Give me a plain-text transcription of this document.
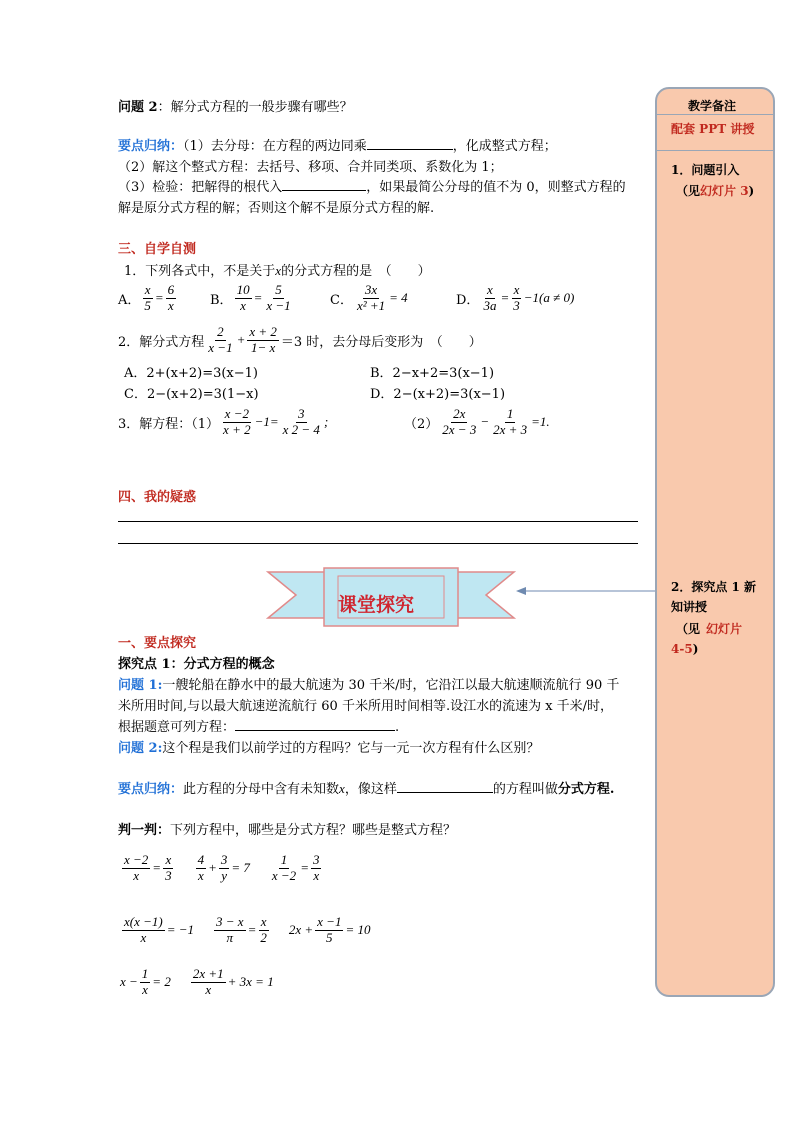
问题 2：解分式方程的一般步骤有哪些？
要点归纳：（1）去分母：在方程的两边同乘	，化成整式方程；
（2）解这个整式方程：去括号、移项、合并同类项、系数化为 1；
（3）检验：把解得的根代入	，如果最简公分母的值不为 0，则整式方程的
解是原分式方程的解；否则这个解不是原分式方程的解.
三、自学自测
1．下列各式中，不是关于x的分式方程的是　（　　）
A． $\frac{x}{5} = \frac{6}{x}$	B． $\frac{10}{x} = \frac{5}{x -1}$	C． $\frac{3x}{\text{x² +1}} = 4$	D． $\frac{x}{3a} = \frac{x}{3} -1(a \ne 0)$
2．解分式方程 $\frac{2}{x -1} + \frac{x + 2}{1- x} =3$ 时，去分母后变形为　（　　）
A．2+(x+2)=3(x−1)	B．2−x+2=3(x−1)
C．2−(x+2)=3(1−x)	D．2−(x+2)=3(x−1)
3．解方程：$(1) \frac{x -2}{x + 2} -1= \frac{3}{x 2 - 4}$ ;	$(2) \frac{2x}{2x - 3} - \frac{1}{2x + 3} =1$.
四、我的疑惑
课堂探究
一、要点探究
探究点 1：分式方程的概念
问题 1:一艘轮船在静水中的最大航速为 30 千米/时，它沿江以最大航速顺流航行 90 千
米所用时间,与以最大航速逆流航行 60 千米所用时间相等.设江水的流速为 x 千米/时，
根据题意可列方程：	.
问题 2:这个程是我们以前学过的方程吗？它与一元一次方程有什么区别？
要点归纳：此方程的分母中含有未知数x，像这样	的方程叫做分式方程.
判一判：下列方程中，哪些是分式方程？哪些是整式方程？
$\frac{x -2}{x} = \frac{x}{3} \frac{4}{x} + \frac{3}{y} = 7 \frac{1}{x -2} = \frac{3}{x}$
$\frac{x(x -1)}{x} = -1 \frac{3 - x}{\pi} = \frac{x}{2} 2x + \frac{x -1}{5} = 10$
$x - \frac{1}{x} = 2 \frac{2x +1}{x} + 3x = 1$
教学备注
配套 PPT 讲授
1．问题引入
（见幻灯片 3)
2．探究点 1 新
知讲授
（见 幻灯片
4-5)
